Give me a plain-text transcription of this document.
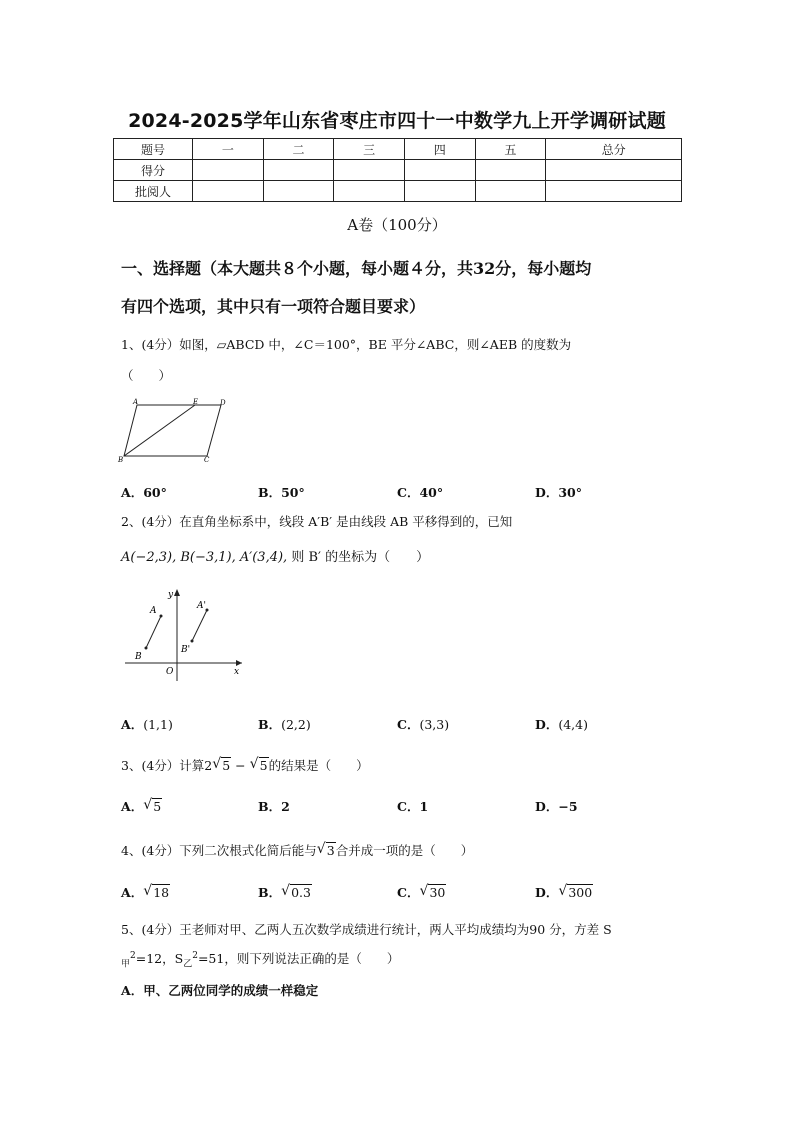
2024-2025学年山东省枣庄市四十一中数学九上开学调研试题
题号	一	二	三	四	五	总分
得分						
批阅人						
A卷（100分）
一、选择题（本大题共８个小题，每小题４分，共32分，每小题均
有四个选项，其中只有一项符合题目要求）
1、(4分）如图，▱ABCD 中，∠C＝100°，BE 平分∠ABC，则∠AEB 的度数为
（　　）
A	E	D
B	C
A．60°	B．50°	C．40°	D．30°
2、(4分）在直角坐标系中，线段 A′B′ 是由线段 AB 平移得到的，已知
A(−2,3), B(−3,1), A′(3,4), 则 B′ 的坐标为（　　）
y
x
O
A
B
A'
B'
A．(1,1)	B．(2,2)	C．(3,3)	D．(4,4)
3、(4分）计算2 √ 5 − √ 5的结果是（　　）
A． √ 5	B．2	C．1	D．−5
4、(4分）下列二次根式化简后能与 √ 3合并成一项的是（　　）
A． √ 18	B． √ 0.3	C． √ 30	D． √ 300
5、(4分）王老师对甲、乙两人五次数学成绩进行统计，两人平均成绩均为90 分，方差 S
$_甲^2$=12，$S_乙^2=51$，则下列说法正确的是（　　）
A．甲、乙两位同学的成绩一样稳定
